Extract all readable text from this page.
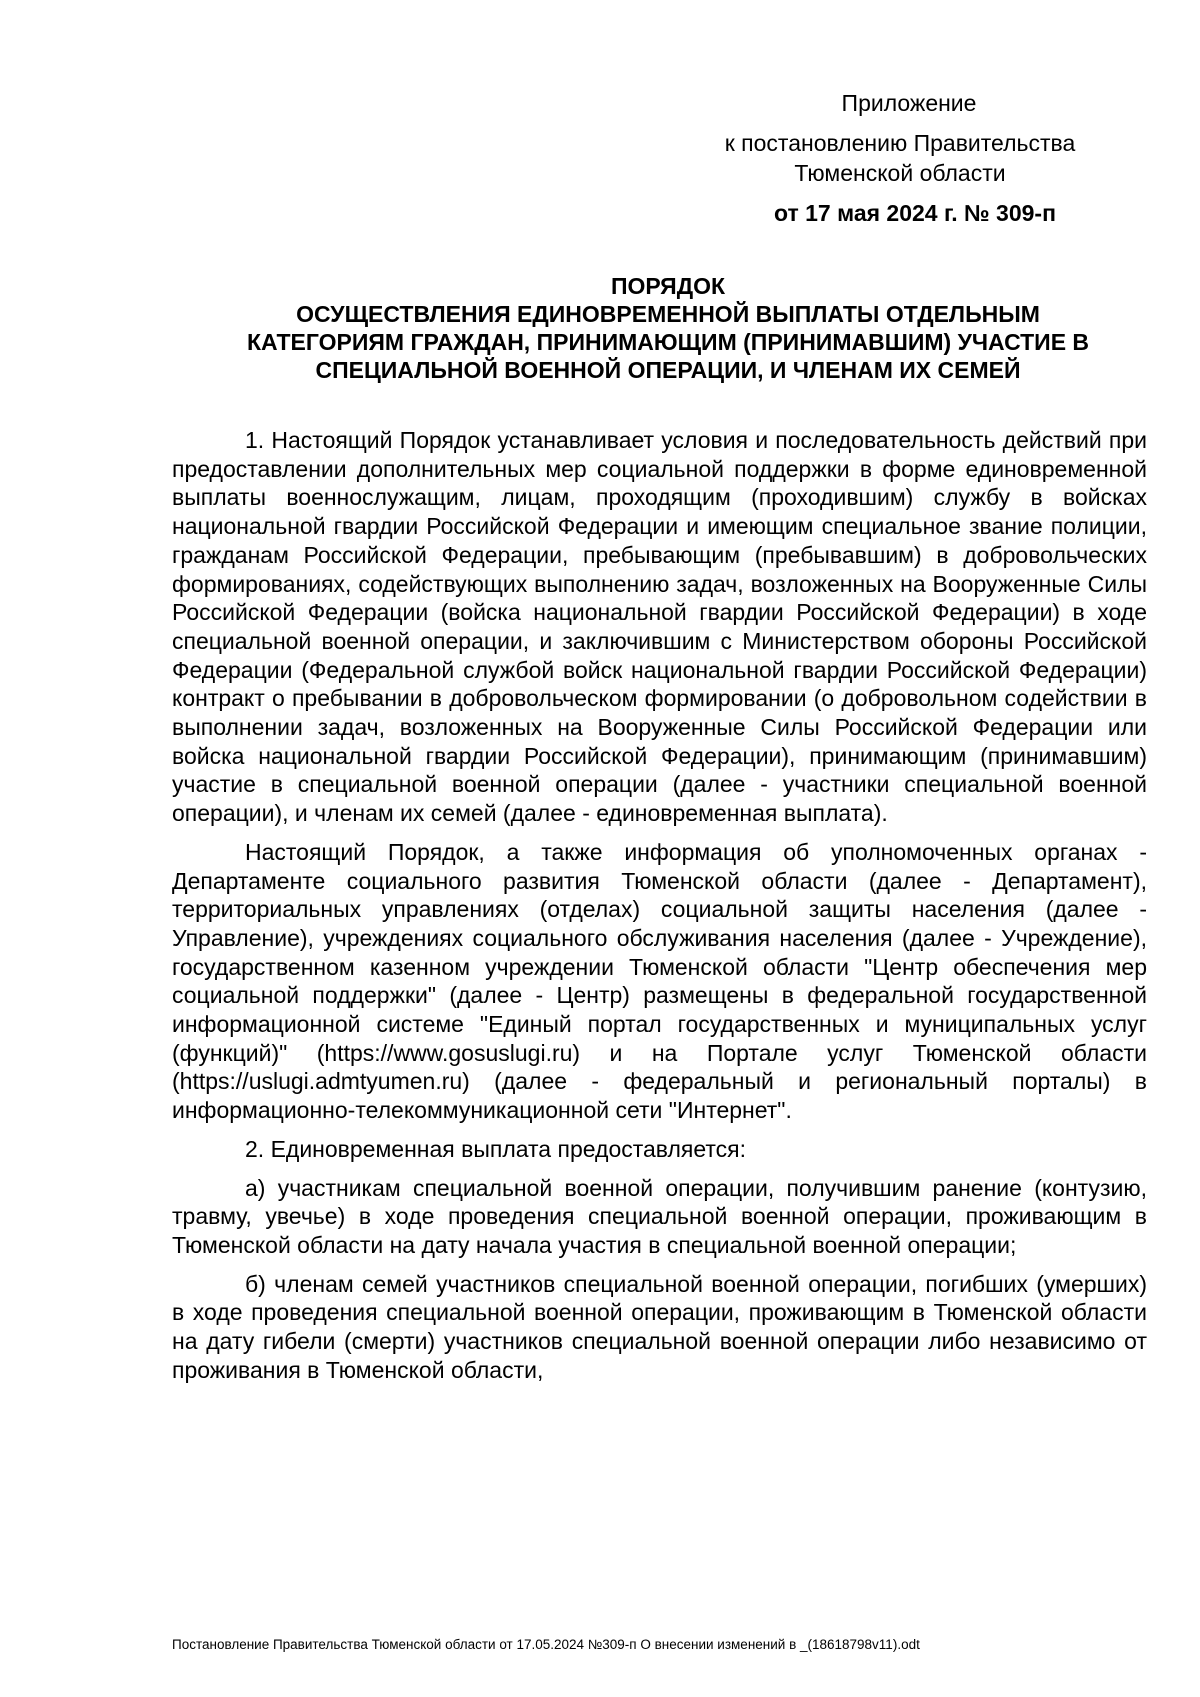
Приложение
к постановлению Правительства
Тюменской области
от 17 мая 2024 г. № 309-п
ПОРЯДОК
ОСУЩЕСТВЛЕНИЯ ЕДИНОВРЕМЕННОЙ ВЫПЛАТЫ ОТДЕЛЬНЫМ
КАТЕГОРИЯМ ГРАЖДАН, ПРИНИМАЮЩИМ (ПРИНИМАВШИМ) УЧАСТИЕ В
СПЕЦИАЛЬНОЙ ВОЕННОЙ ОПЕРАЦИИ, И ЧЛЕНАМ ИХ СЕМЕЙ

1. Настоящий Порядок устанавливает условия и последовательность действий при предоставлении дополнительных мер социальной поддержки в форме единовременной выплаты военнослужащим, лицам, проходящим (проходившим) службу в войсках национальной гвардии Российской Федерации и имеющим специальное звание полиции, гражданам Российской Федерации, пребывающим (пребывавшим) в добровольческих формированиях, содействующих выполнению задач, возложенных на Вооруженные Силы Российской Федерации (войска национальной гвардии Российской Федерации) в ходе специальной военной операции, и заключившим с Министерством обороны Российской Федерации (Федеральной службой войск национальной гвардии Российской Федерации) контракт о пребывании в добровольческом формировании (о добровольном содействии в выполнении задач, возложенных на Вооруженные Силы Российской Федерации или войска национальной гвардии Российской Федерации), принимающим (принимавшим) участие в специальной военной операции (далее - участники специальной военной операции), и членам их семей (далее - единовременная выплата).

Настоящий Порядок, а также информация об уполномоченных органах - Департаменте социального развития Тюменской области (далее - Департамент), территориальных управлениях (отделах) социальной защиты населения (далее - Управление), учреждениях социального обслуживания населения (далее - Учреждение), государственном казенном учреждении Тюменской области "Центр обеспечения мер социальной поддержки" (далее - Центр) размещены в федеральной государственной информационной системе "Единый портал государственных и муниципальных услуг (функций)" (https://www.gosuslugi.ru) и на Портале услуг Тюменской области (https://uslugi.admtyumen.ru) (далее - федеральный и региональный порталы) в информационно-телекоммуникационной сети "Интернет".

2. Единовременная выплата предоставляется:

а) участникам специальной военной операции, получившим ранение (контузию, травму, увечье) в ходе проведения специальной военной операции, проживающим в Тюменской области на дату начала участия в специальной военной операции;

б) членам семей участников специальной военной операции, погибших (умерших) в ходе проведения специальной военной операции, проживающим в Тюменской области на дату гибели (смерти) участников специальной военной операции либо независимо от проживания в Тюменской области,

Постановление Правительства Тюменской области от 17.05.2024 №309-п О внесении изменений в _(18618798v11).odt
